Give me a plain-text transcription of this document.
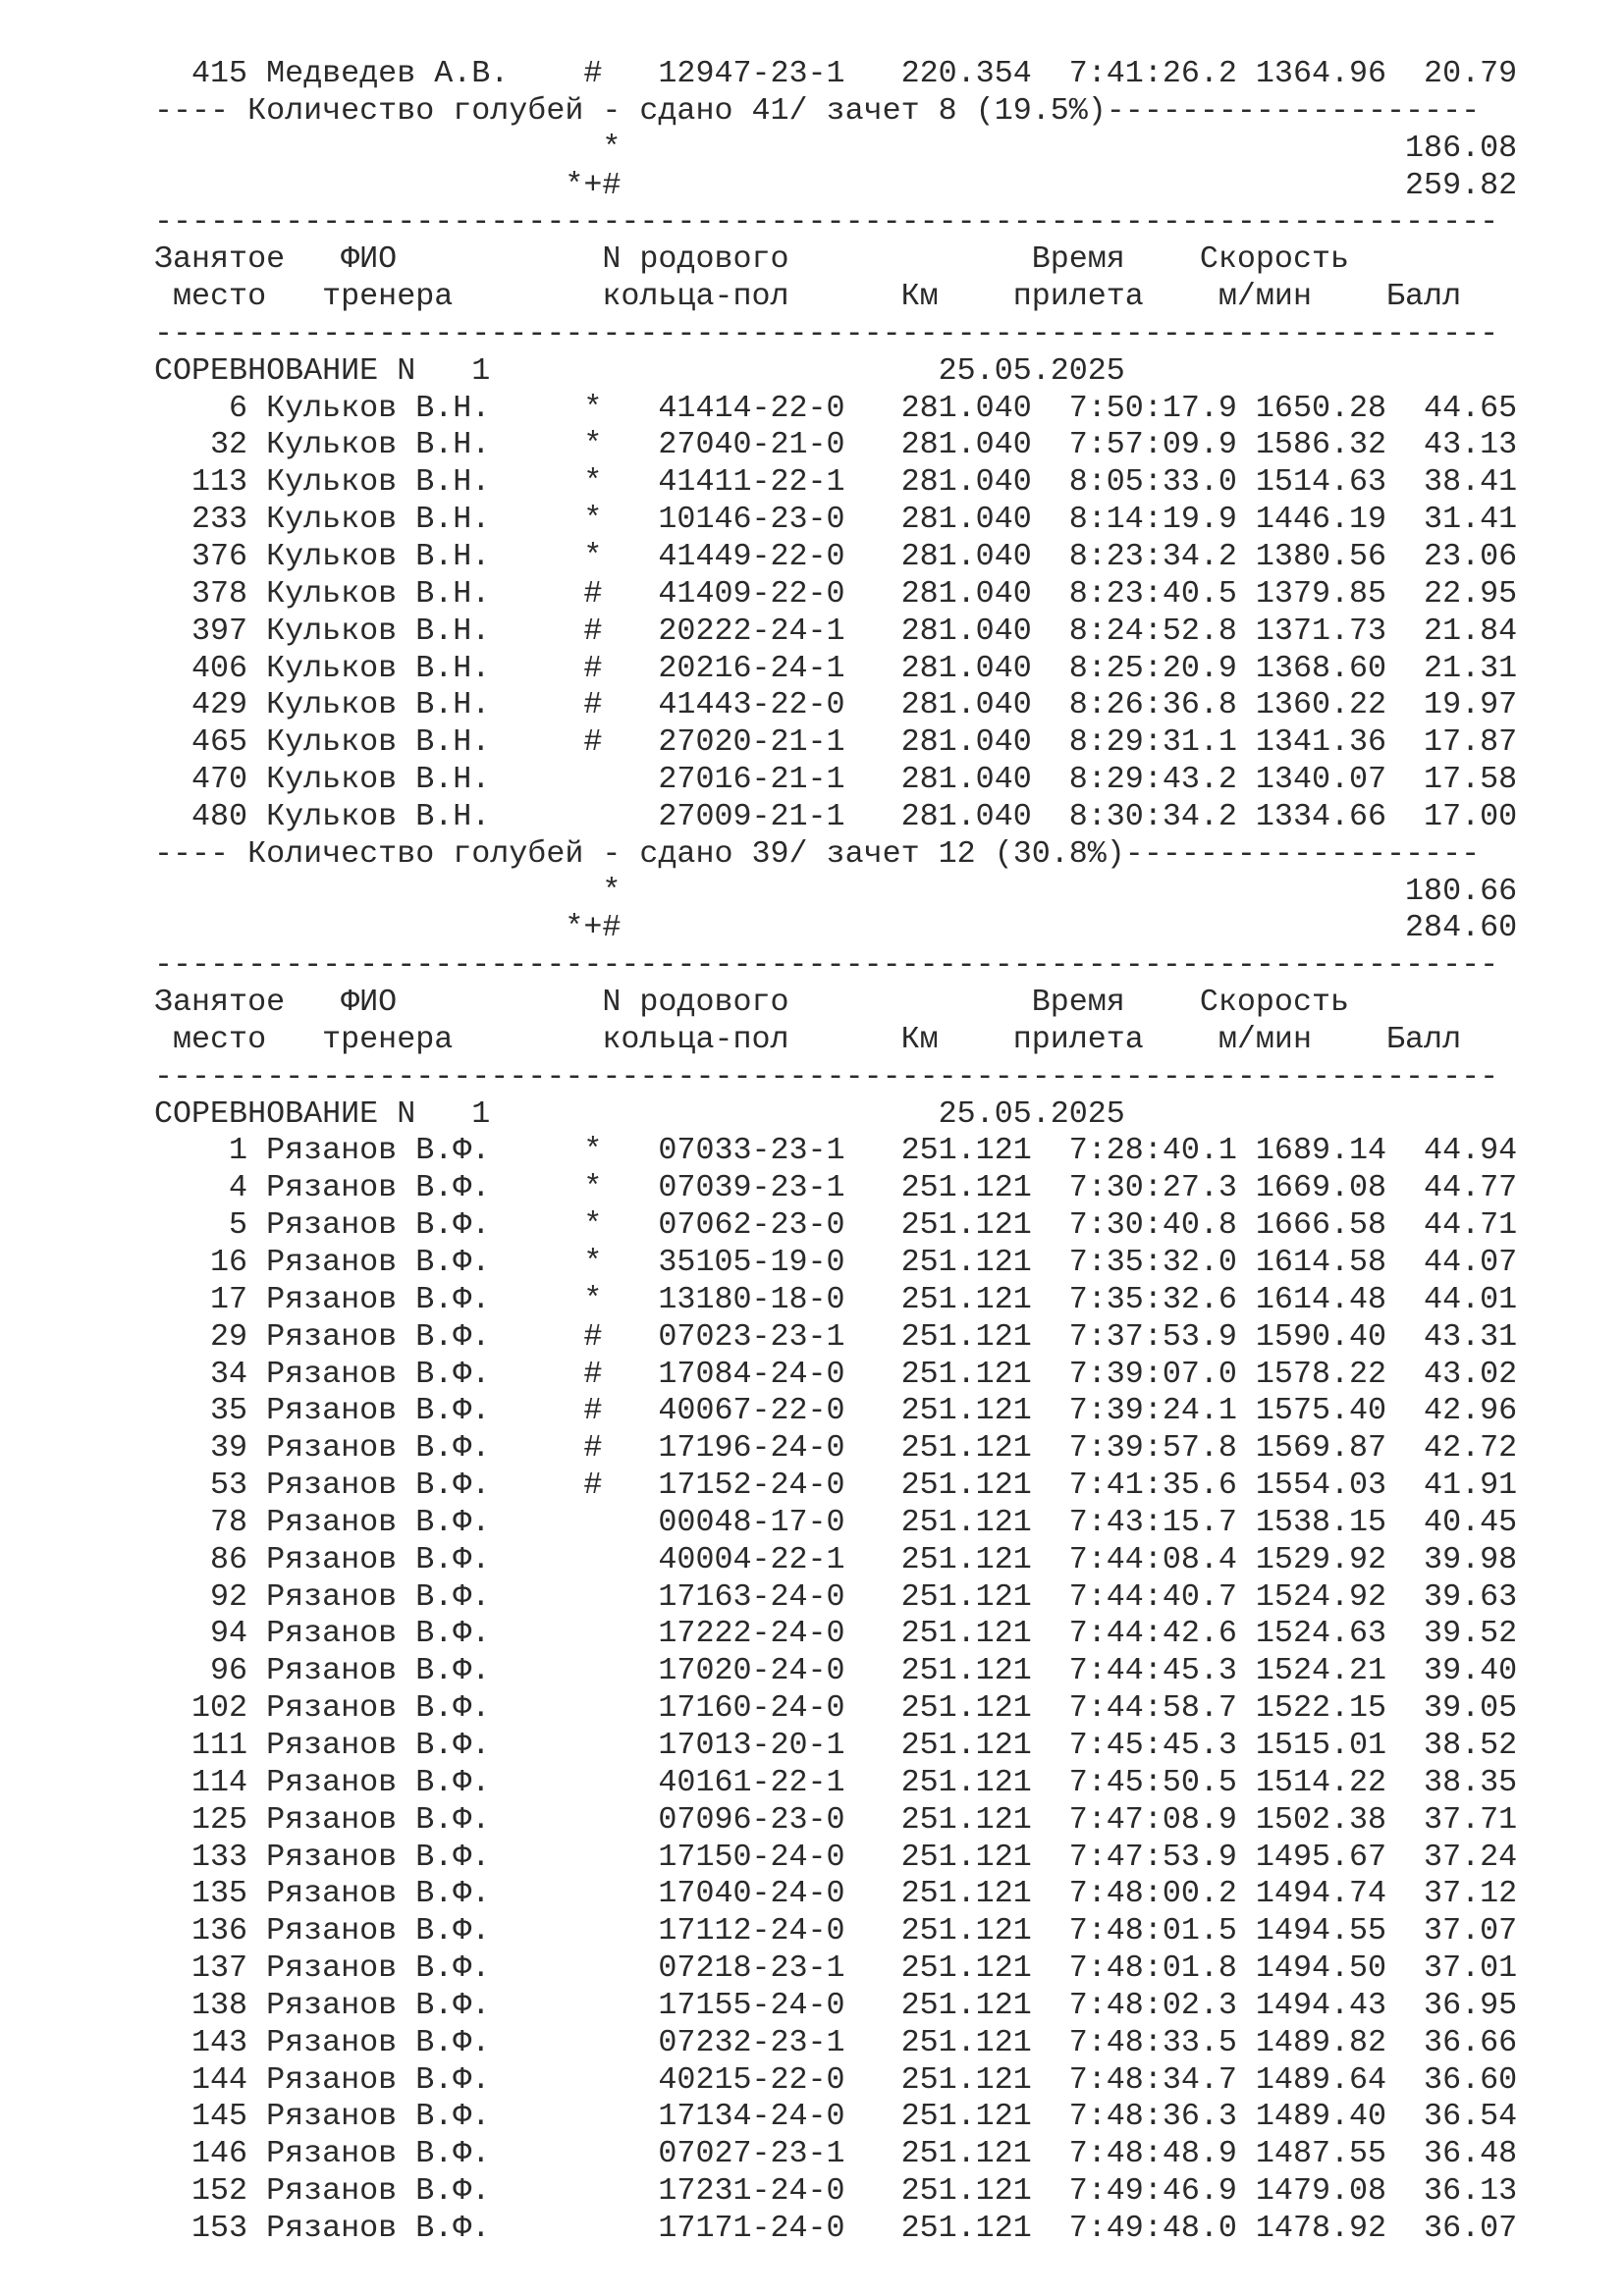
415 Медведев А.В.    #   12947-23-1   220.354  7:41:26.2 1364.96  20.79
---- Количество голубей - сдано 41/ зачет 8 (19.5%)--------------------
*                                          186.08
*+#                                          259.82
------------------------------------------------------------------------
Занятое   ФИО           N родового             Время    Скорость
место   тренера        кольца-пол      Км    прилета    м/мин    Балл
------------------------------------------------------------------------
СОРЕВНОВАНИЕ N   1                        25.05.2025
6 Кульков В.Н.     *   41414-22-0   281.040  7:50:17.9 1650.28  44.65
32 Кульков В.Н.     *   27040-21-0   281.040  7:57:09.9 1586.32  43.13
113 Кульков В.Н.     *   41411-22-1   281.040  8:05:33.0 1514.63  38.41
233 Кульков В.Н.     *   10146-23-0   281.040  8:14:19.9 1446.19  31.41
376 Кульков В.Н.     *   41449-22-0   281.040  8:23:34.2 1380.56  23.06
378 Кульков В.Н.     #   41409-22-0   281.040  8:23:40.5 1379.85  22.95
397 Кульков В.Н.     #   20222-24-1   281.040  8:24:52.8 1371.73  21.84
406 Кульков В.Н.     #   20216-24-1   281.040  8:25:20.9 1368.60  21.31
429 Кульков В.Н.     #   41443-22-0   281.040  8:26:36.8 1360.22  19.97
465 Кульков В.Н.     #   27020-21-1   281.040  8:29:31.1 1341.36  17.87
470 Кульков В.Н.         27016-21-1   281.040  8:29:43.2 1340.07  17.58
480 Кульков В.Н.         27009-21-1   281.040  8:30:34.2 1334.66  17.00
---- Количество голубей - сдано 39/ зачет 12 (30.8%)-------------------
*                                          180.66
*+#                                          284.60
------------------------------------------------------------------------
Занятое   ФИО           N родового             Время    Скорость
место   тренера        кольца-пол      Км    прилета    м/мин    Балл
------------------------------------------------------------------------
СОРЕВНОВАНИЕ N   1                        25.05.2025
1 Рязанов В.Ф.     *   07033-23-1   251.121  7:28:40.1 1689.14  44.94
4 Рязанов В.Ф.     *   07039-23-1   251.121  7:30:27.3 1669.08  44.77
5 Рязанов В.Ф.     *   07062-23-0   251.121  7:30:40.8 1666.58  44.71
16 Рязанов В.Ф.     *   35105-19-0   251.121  7:35:32.0 1614.58  44.07
17 Рязанов В.Ф.     *   13180-18-0   251.121  7:35:32.6 1614.48  44.01
29 Рязанов В.Ф.     #   07023-23-1   251.121  7:37:53.9 1590.40  43.31
34 Рязанов В.Ф.     #   17084-24-0   251.121  7:39:07.0 1578.22  43.02
35 Рязанов В.Ф.     #   40067-22-0   251.121  7:39:24.1 1575.40  42.96
39 Рязанов В.Ф.     #   17196-24-0   251.121  7:39:57.8 1569.87  42.72
53 Рязанов В.Ф.     #   17152-24-0   251.121  7:41:35.6 1554.03  41.91
78 Рязанов В.Ф.         00048-17-0   251.121  7:43:15.7 1538.15  40.45
86 Рязанов В.Ф.         40004-22-1   251.121  7:44:08.4 1529.92  39.98
92 Рязанов В.Ф.         17163-24-0   251.121  7:44:40.7 1524.92  39.63
94 Рязанов В.Ф.         17222-24-0   251.121  7:44:42.6 1524.63  39.52
96 Рязанов В.Ф.         17020-24-0   251.121  7:44:45.3 1524.21  39.40
102 Рязанов В.Ф.         17160-24-0   251.121  7:44:58.7 1522.15  39.05
111 Рязанов В.Ф.         17013-20-1   251.121  7:45:45.3 1515.01  38.52
114 Рязанов В.Ф.         40161-22-1   251.121  7:45:50.5 1514.22  38.35
125 Рязанов В.Ф.         07096-23-0   251.121  7:47:08.9 1502.38  37.71
133 Рязанов В.Ф.         17150-24-0   251.121  7:47:53.9 1495.67  37.24
135 Рязанов В.Ф.         17040-24-0   251.121  7:48:00.2 1494.74  37.12
136 Рязанов В.Ф.         17112-24-0   251.121  7:48:01.5 1494.55  37.07
137 Рязанов В.Ф.         07218-23-1   251.121  7:48:01.8 1494.50  37.01
138 Рязанов В.Ф.         17155-24-0   251.121  7:48:02.3 1494.43  36.95
143 Рязанов В.Ф.         07232-23-1   251.121  7:48:33.5 1489.82  36.66
144 Рязанов В.Ф.         40215-22-0   251.121  7:48:34.7 1489.64  36.60
145 Рязанов В.Ф.         17134-24-0   251.121  7:48:36.3 1489.40  36.54
146 Рязанов В.Ф.         07027-23-1   251.121  7:48:48.9 1487.55  36.48
152 Рязанов В.Ф.         17231-24-0   251.121  7:49:46.9 1479.08  36.13
153 Рязанов В.Ф.         17171-24-0   251.121  7:49:48.0 1478.92  36.07
